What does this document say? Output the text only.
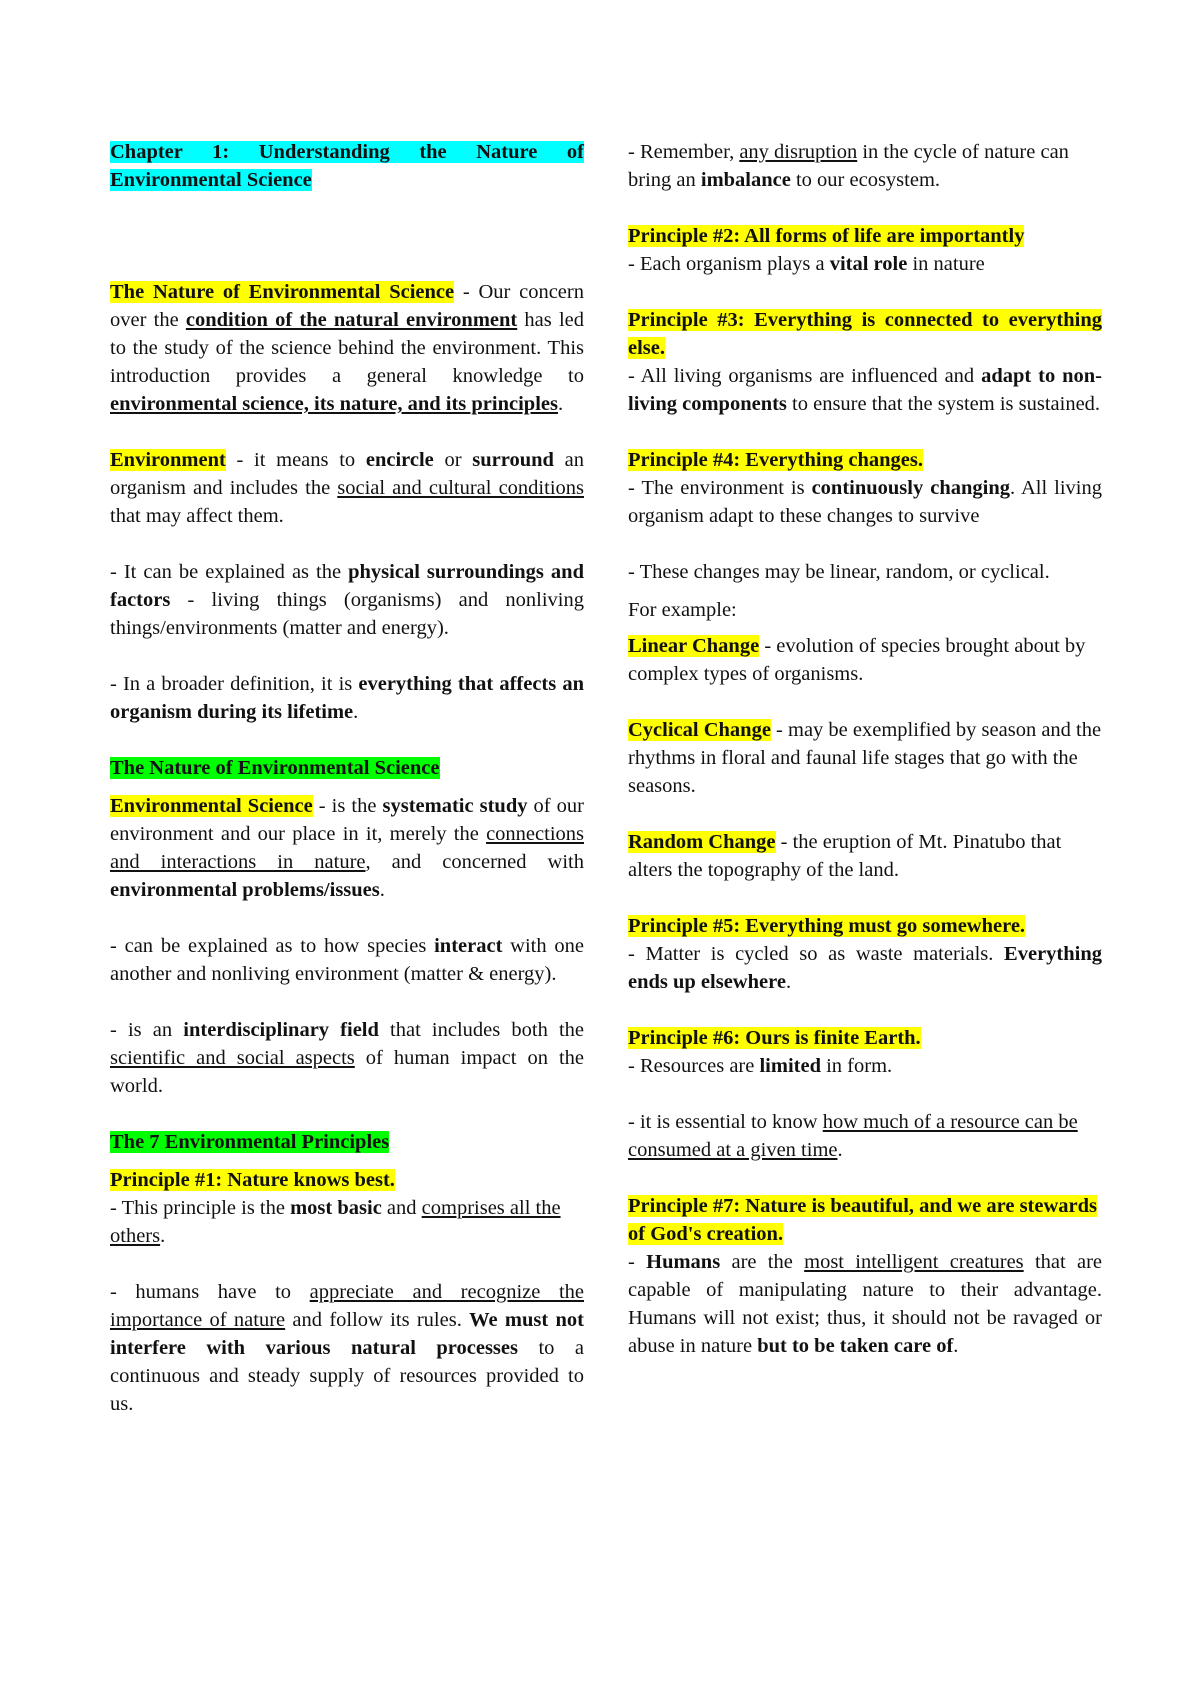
Chapter 1: Understanding the Nature of Environmental Science

The Nature of Environmental Science - Our concern over the condition of the natural environment has led to the study of the science behind the environment. This introduction provides a general knowledge to environmental science, its nature, and its principles.

Environment - it means to encircle or surround an organism and includes the social and cultural conditions that may affect them.

- It can be explained as the physical surroundings and factors - living things (organisms) and nonliving things/environments (matter and energy).

- In a broader definition, it is everything that affects an organism during its lifetime.

The Nature of Environmental Science

Environmental Science - is the systematic study of our environment and our place in it, merely the connections and interactions in nature, and concerned with environmental problems/issues.

- can be explained as to how species interact with one another and nonliving environment (matter & energy).

- is an interdisciplinary field that includes both the scientific and social aspects of human impact on the world.

The 7 Environmental Principles
Principle #1: Nature knows best.

- This principle is the most basic and comprises all the others.

- humans have to appreciate and recognize the importance of nature and follow its rules. We must not interfere with various natural processes to a continuous and steady supply of resources provided to us.

- Remember, any disruption in the cycle of nature can bring an imbalance to our ecosystem.

Principle #2: All forms of life are importantly

- Each organism plays a vital role in nature

Principle #3: Everything is connected to everything else.

- All living organisms are influenced and adapt to non-living components to ensure that the system is sustained.

Principle #4: Everything changes.

- The environment is continuously changing. All living organism adapt to these changes to survive

- These changes may be linear, random, or cyclical.

For example:

Linear Change - evolution of species brought about by complex types of organisms.

Cyclical Change - may be exemplified by season and the rhythms in floral and faunal life stages that go with the seasons.

Random Change - the eruption of Mt. Pinatubo that alters the topography of the land.

Principle #5: Everything must go somewhere.

- Matter is cycled so as waste materials. Everything ends up elsewhere.

Principle #6: Ours is finite Earth.

- Resources are limited in form.

- it is essential to know how much of a resource can be consumed at a given time.

Principle #7: Nature is beautiful, and we are stewards of God's creation.

- Humans are the most intelligent creatures that are capable of manipulating nature to their advantage. Humans will not exist; thus, it should not be ravaged or abuse in nature but to be taken care of.
